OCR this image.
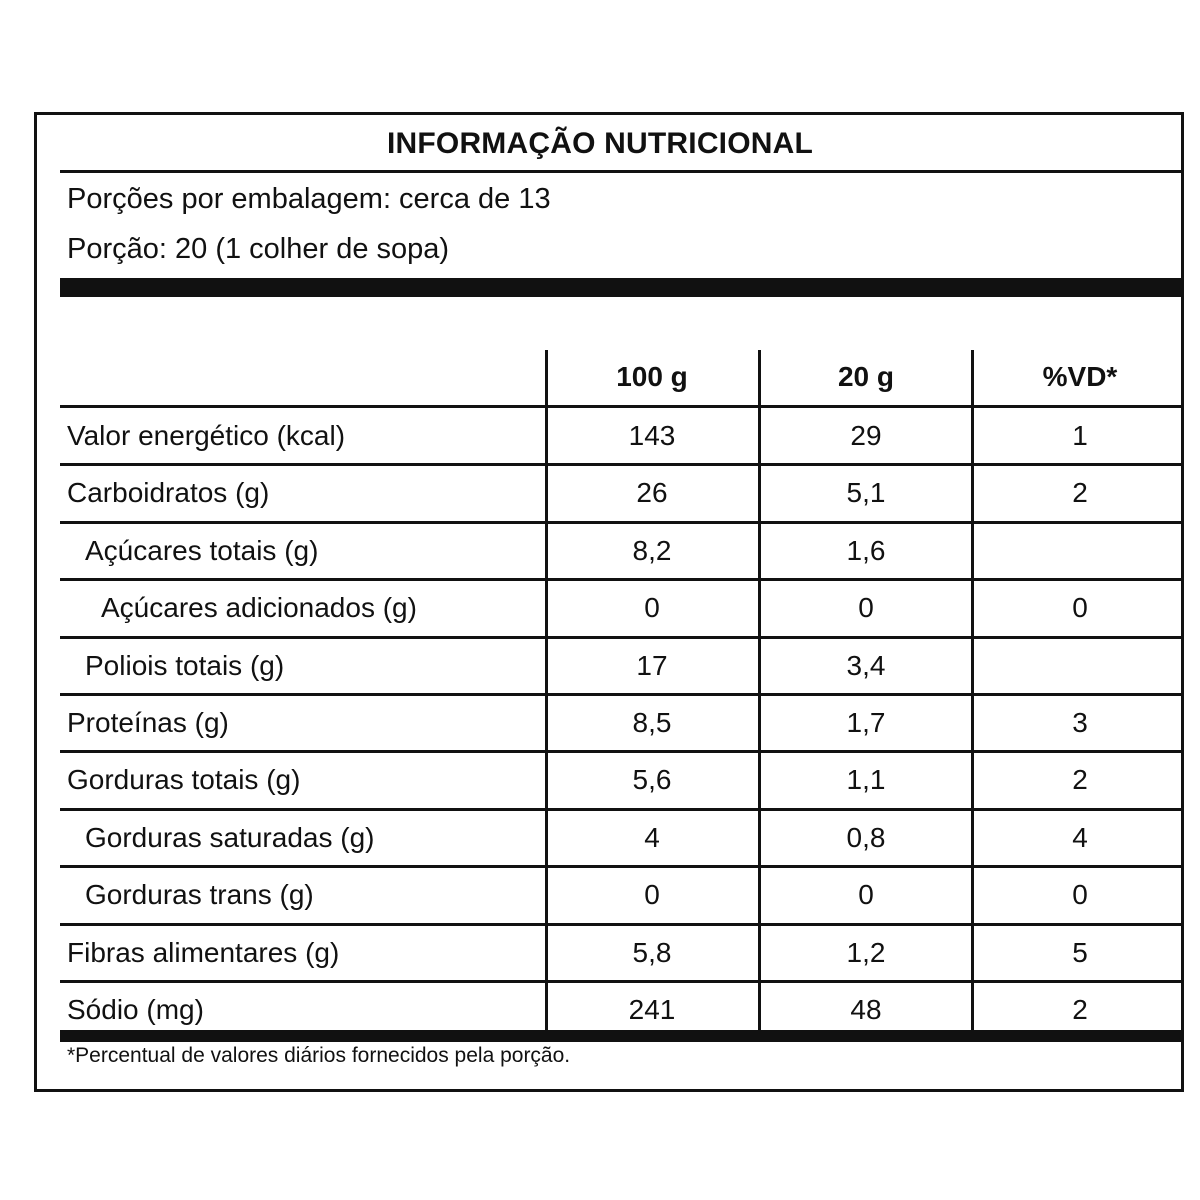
INFORMAÇÃO NUTRICIONAL
Porções por embalagem: cerca de 13
Porção: 20 (1 colher de sopa)
100 g	20 g	%VD*
Valor energético (kcal)	143	29	1
Carboidratos (g)	26	5,1	2
Açúcares totais (g)	8,2	1,6
Açúcares adicionados (g)	0	0	0
Poliois totais (g)	17	3,4
Proteínas (g)	8,5	1,7	3
Gorduras totais (g)	5,6	1,1	2
Gorduras saturadas (g)	4	0,8	4
Gorduras trans (g)	0	0	0
Fibras alimentares (g)	5,8	1,2	5
Sódio (mg)	241	48	2
*Percentual de valores diários fornecidos pela porção.
